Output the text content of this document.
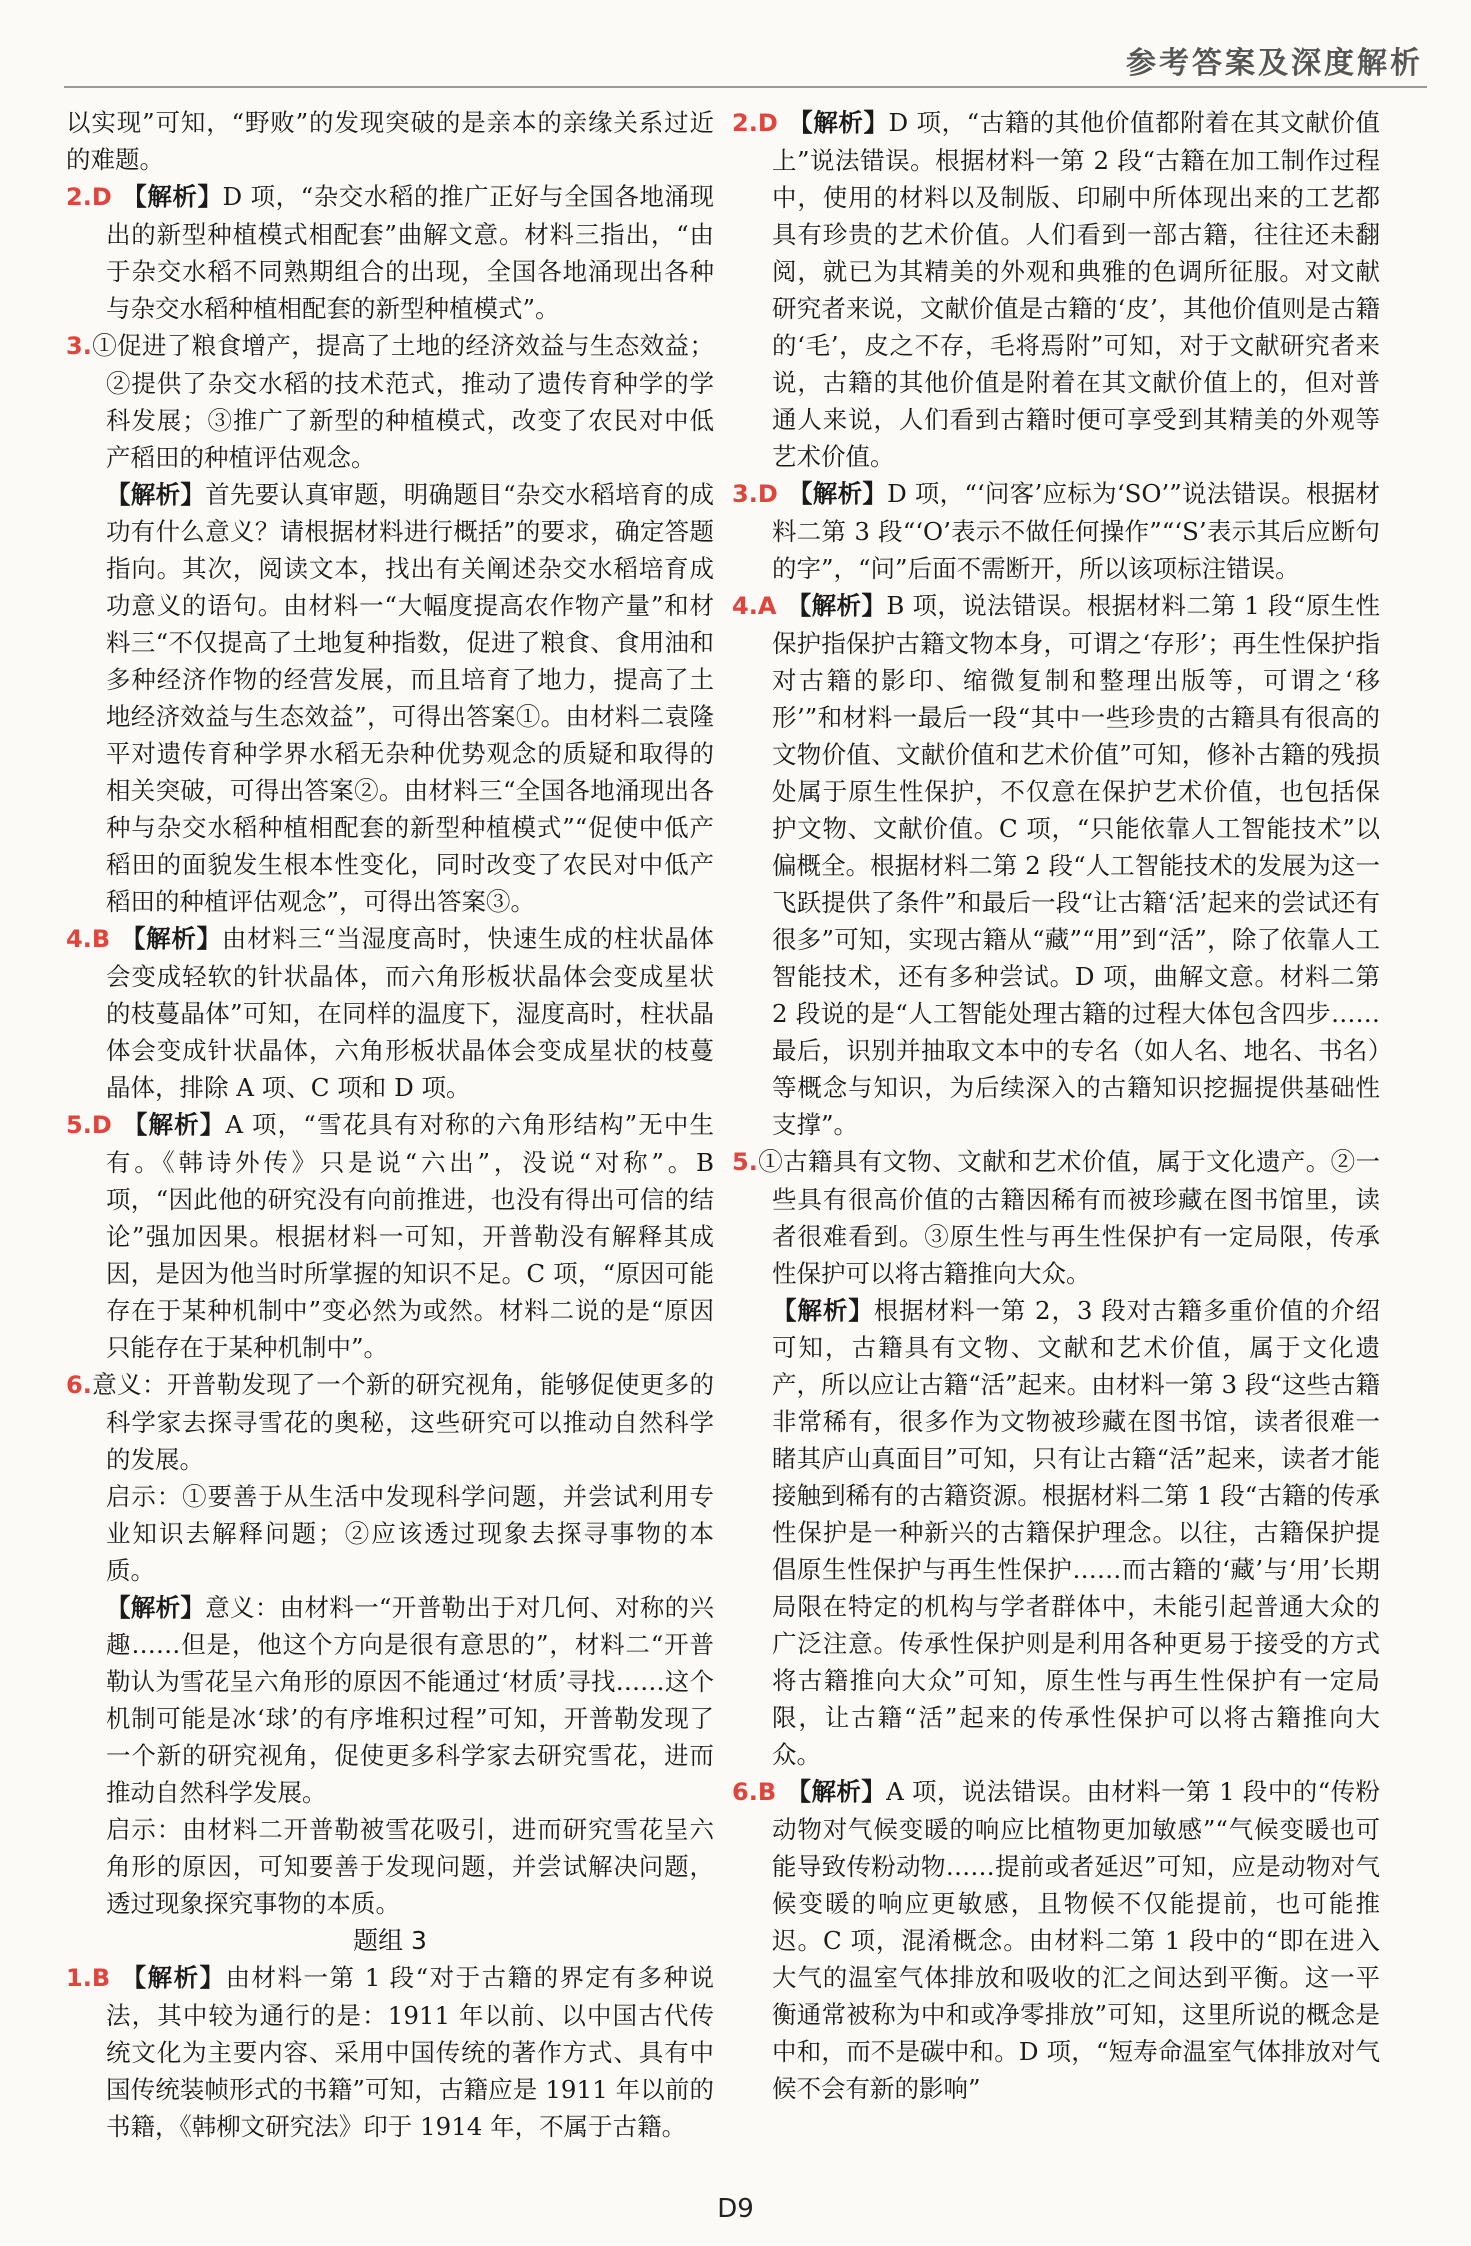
参考答案及深度解析

以实现”可知，“野败”的发现突破的是亲本的亲缘关系过近的难题。

2.D 【解析】D 项，“杂交水稻的推广正好与全国各地涌现出的新型种植模式相配套”曲解文意。材料三指出，“由于杂交水稻不同熟期组合的出现，全国各地涌现出各种与杂交水稻种植相配套的新型种植模式”。

3.①促进了粮食增产，提高了土地的经济效益与生态效益；②提供了杂交水稻的技术范式，推动了遗传育种学的学科发展；③推广了新型的种植模式，改变了农民对中低产稻田的种植评估观念。

【解析】首先要认真审题，明确题目“杂交水稻培育的成功有什么意义？请根据材料进行概括”的要求，确定答题指向。其次，阅读文本，找出有关阐述杂交水稻培育成功意义的语句。由材料一“大幅度提高农作物产量”和材料三“不仅提高了土地复种指数，促进了粮食、食用油和多种经济作物的经营发展，而且培育了地力，提高了土地经济效益与生态效益”，可得出答案①。由材料二袁隆平对遗传育种学界水稻无杂种优势观念的质疑和取得的相关突破，可得出答案②。由材料三“全国各地涌现出各种与杂交水稻种植相配套的新型种植模式”“促使中低产稻田的面貌发生根本性变化，同时改变了农民对中低产稻田的种植评估观念”，可得出答案③。

4.B 【解析】由材料三“当湿度高时，快速生成的柱状晶体会变成轻软的针状晶体，而六角形板状晶体会变成星状的枝蔓晶体”可知，在同样的温度下，湿度高时，柱状晶体会变成针状晶体，六角形板状晶体会变成星状的枝蔓晶体，排除 A 项、C 项和 D 项。

5.D 【解析】A 项，“雪花具有对称的六角形结构”无中生有。《韩诗外传》只是说“六出”，没说“对称”。B 项，“因此他的研究没有向前推进，也没有得出可信的结论”强加因果。根据材料一可知，开普勒没有解释其成因，是因为他当时所掌握的知识不足。C 项，“原因可能存在于某种机制中”变必然为或然。材料二说的是“原因只能存在于某种机制中”。

6.意义：开普勒发现了一个新的研究视角，能够促使更多的科学家去探寻雪花的奥秘，这些研究可以推动自然科学的发展。

启示：①要善于从生活中发现科学问题，并尝试利用专业知识去解释问题；②应该透过现象去探寻事物的本质。

【解析】意义：由材料一“开普勒出于对几何、对称的兴趣……但是，他这个方向是很有意思的”，材料二“开普勒认为雪花呈六角形的原因不能通过‘材质’寻找……这个机制可能是冰‘球’的有序堆积过程”可知，开普勒发现了一个新的研究视角，促使更多科学家去研究雪花，进而推动自然科学发展。

启示：由材料二开普勒被雪花吸引，进而研究雪花呈六角形的原因，可知要善于发现问题，并尝试解决问题，透过现象探究事物的本质。

题组 3

1.B 【解析】由材料一第 1 段“对于古籍的界定有多种说法，其中较为通行的是：1911 年以前、以中国古代传统文化为主要内容、采用中国传统的著作方式、具有中国传统装帧形式的书籍”可知，古籍应是 1911 年以前的书籍，《韩柳文研究法》印于 1914 年，不属于古籍。

2.D 【解析】D 项，“古籍的其他价值都附着在其文献价值上”说法错误。根据材料一第 2 段“古籍在加工制作过程中，使用的材料以及制版、印刷中所体现出来的工艺都具有珍贵的艺术价值。人们看到一部古籍，往往还未翻阅，就已为其精美的外观和典雅的色调所征服。对文献研究者来说，文献价值是古籍的‘皮’，其他价值则是古籍的‘毛’，皮之不存，毛将焉附”可知，对于文献研究者来说，古籍的其他价值是附着在其文献价值上的，但对普通人来说，人们看到古籍时便可享受到其精美的外观等艺术价值。

3.D 【解析】D 项，“‘问客’应标为‘SO’”说法错误。根据材料二第 3 段“‘O’表示不做任何操作”“‘S’表示其后应断句的字”，“问”后面不需断开，所以该项标注错误。

4.A 【解析】B 项，说法错误。根据材料二第 1 段“原生性保护指保护古籍文物本身，可谓之‘存形’；再生性保护指对古籍的影印、缩微复制和整理出版等，可谓之‘移形’”和材料一最后一段“其中一些珍贵的古籍具有很高的文物价值、文献价值和艺术价值”可知，修补古籍的残损处属于原生性保护，不仅意在保护艺术价值，也包括保护文物、文献价值。C 项，“只能依靠人工智能技术”以偏概全。根据材料二第 2 段“人工智能技术的发展为这一飞跃提供了条件”和最后一段“让古籍‘活’起来的尝试还有很多”可知，实现古籍从“藏”“用”到“活”，除了依靠人工智能技术，还有多种尝试。D 项，曲解文意。材料二第 2 段说的是“人工智能处理古籍的过程大体包含四步……最后，识别并抽取文本中的专名（如人名、地名、书名）等概念与知识，为后续深入的古籍知识挖掘提供基础性支撑”。

5.①古籍具有文物、文献和艺术价值，属于文化遗产。②一些具有很高价值的古籍因稀有而被珍藏在图书馆里，读者很难看到。③原生性与再生性保护有一定局限，传承性保护可以将古籍推向大众。

【解析】根据材料一第 2，3 段对古籍多重价值的介绍可知，古籍具有文物、文献和艺术价值，属于文化遗产，所以应让古籍“活”起来。由材料一第 3 段“这些古籍非常稀有，很多作为文物被珍藏在图书馆，读者很难一睹其庐山真面目”可知，只有让古籍“活”起来，读者才能接触到稀有的古籍资源。根据材料二第 1 段“古籍的传承性保护是一种新兴的古籍保护理念。以往，古籍保护提倡原生性保护与再生性保护……而古籍的‘藏’与‘用’长期局限在特定的机构与学者群体中，未能引起普通大众的广泛注意。传承性保护则是利用各种更易于接受的方式将古籍推向大众”可知，原生性与再生性保护有一定局限，让古籍“活”起来的传承性保护可以将古籍推向大众。

6.B 【解析】A 项，说法错误。由材料一第 1 段中的“传粉动物对气候变暖的响应比植物更加敏感”“气候变暖也可能导致传粉动物……提前或者延迟”可知，应是动物对气候变暖的响应更敏感，且物候不仅能提前，也可能推迟。C 项，混淆概念。由材料二第 1 段中的“即在进入大气的温室气体排放和吸收的汇之间达到平衡。这一平衡通常被称为中和或净零排放”可知，这里所说的概念是中和，而不是碳中和。D 项，“短寿命温室气体排放对气候不会有新的影响”

D9
